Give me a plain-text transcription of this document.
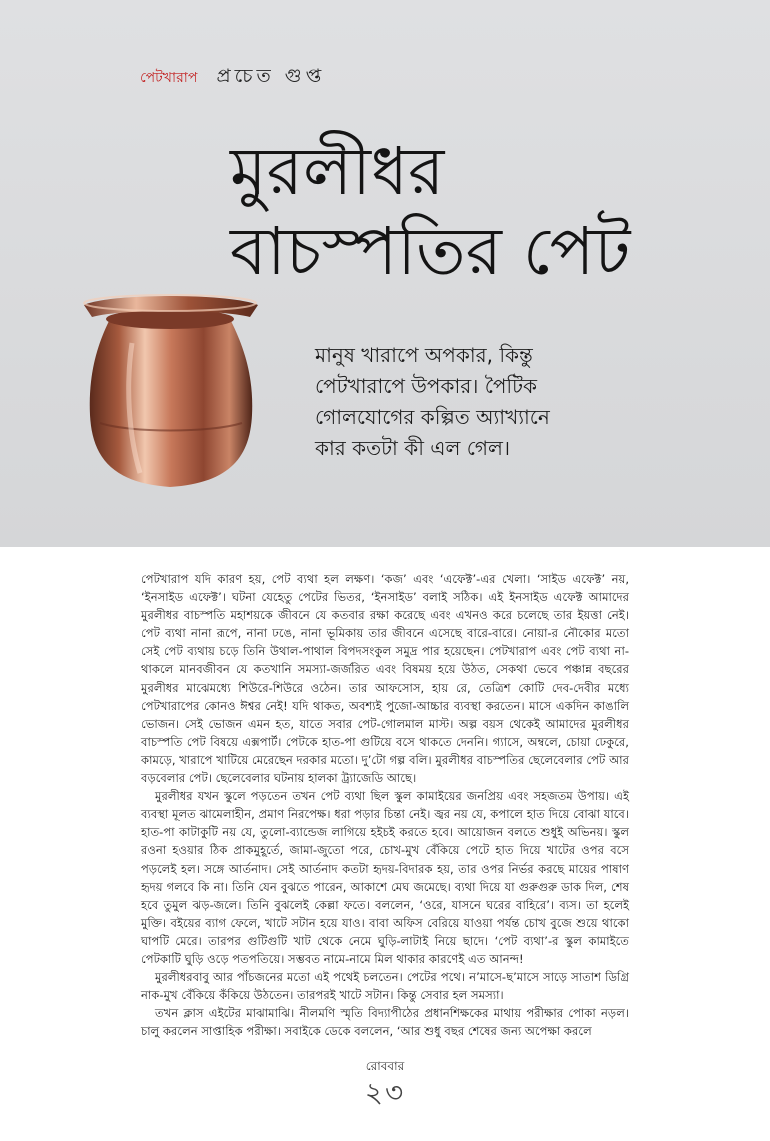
পেটখারাপ প্রচেত গুপ্ত
মুরলীধর
বাচস্পতির পেট

মানুষ খারাপে অপকার, কিন্তু
পেটখারাপে উপকার। পৈটিক
গোলযোগের কল্পিত অ্যাখ্যানে
কার কতটা কী এল গেল।

পেটখারাপ যদি কারণ হয়, পেট ব্যথা হল লক্ষণ। ‘কজ’ এবং ‘এফেক্ট’-এর খেলা। ‘সাইড এফেক্ট’ নয়, ‘ইনসাইড এফেক্ট’। ঘটনা যেহেতু পেটের ভিতর, ‘ইনসাইড’ বলাই সঠিক। এই ইনসাইড এফেক্ট আমাদের মুরলীধর বাচস্পতি মহাশয়কে জীবনে যে কতবার রক্ষা করেছে এবং এখনও করে চলেছে তার ইয়ত্তা নেই। পেট ব্যথা নানা রূপে, নানা ঢঙে, নানা ভূমিকায় তার জীবনে এসেছে বারে-বারে। নোয়া-র নৌকোর মতো সেই পেট ব্যথায় চড়ে তিনি উথাল-পাথাল বিপদসংকুল সমুদ্র পার হয়েছেন। পেটখারাপ এবং পেট ব্যথা না-থাকলে মানবজীবন যে কতখানি সমস্যা-জর্জরিত এবং বিষময় হয়ে উঠত, সেকথা ভেবে পঞ্চান্ন বছরের মুরলীধর মাঝেমধ্যে শিউরে-শিউরে ওঠেন। তার আফসোস, হায় রে, তেত্রিশ কোটি দেব-দেবীর মধ্যে পেটখারাপের কোনও ঈশ্বর নেই! যদি থাকত, অবশ্যই পুজো-আচ্চার ব্যবস্থা করতেন। মাসে একদিন কাঙালি ভোজন। সেই ভোজন এমন হত, যাতে সবার পেট-গোলমাল মাস্ট। অল্প বয়স থেকেই আমাদের মুরলীধর বাচস্পতি পেট বিষয়ে এক্সপার্ট। পেটকে হাত-পা গুটিয়ে বসে থাকতে দেননি। গ্যাসে, অম্বলে, চোয়া ঢেকুরে, কামড়ে, খারাপে খাটিয়ে মেরেছেন দরকার মতো। দু’টো গল্প বলি। মুরলীধর বাচস্পতির ছেলেবেলার পেট আর বড়বেলার পেট। ছেলেবেলার ঘটনায় হালকা ট্র্যাজেডি আছে।

মুরলীধর যখন স্কুলে পড়তেন তখন পেট ব্যথা ছিল স্কুল কামাইয়ের জনপ্রিয় এবং সহজতম উপায়। এই ব্যবস্থা মূলত ঝামেলাহীন, প্রমাণ নিরপেক্ষ। ধরা পড়ার চিন্তা নেই। জ্বর নয় যে, কপালে হাত দিয়ে বোঝা যাবে। হাত-পা কাটাকুটি নয় যে, তুলো-ব্যান্ডেজ লাগিয়ে হইচই করতে হবে। আয়োজন বলতে শুধুই অভিনয়। স্কুল রওনা হওয়ার ঠিক প্রাকমুহূর্তে, জামা-জুতো পরে, চোখ-মুখ বেঁকিয়ে পেটে হাত দিয়ে খাটের ওপর বসে পড়লেই হল। সঙ্গে আর্তনাদ। সেই আর্তনাদ কতটা হৃদয়-বিদারক হয়, তার ওপর নির্ভর করছে মায়ের পাষাণ হৃদয় গলবে কি না। তিনি যেন বুঝতে পারেন, আকাশে মেঘ জমেছে। ব্যথা দিয়ে যা গুরুগুরু ডাক দিল, শেষ হবে তুমুল ঝড়-জলে। তিনি বুঝলেই কেল্লা ফতে। বললেন, ‘ওরে, যাসনে ঘরের বাহিরে’। ব্যস। তা হলেই মুক্তি। বইয়ের ব্যাগ ফেলে, খাটে সটান হয়ে যাও। বাবা অফিস বেরিয়ে যাওয়া পর্যন্ত চোখ বুজে শুয়ে থাকো ঘাপটি মেরে। তারপর গুটিগুটি খাট থেকে নেমে ঘুড়ি-লাটাই নিয়ে ছাদে। ‘পেট ব্যথা’-র স্কুল কামাইতে পেটকাটি ঘুড়ি ওড়ে পতপতিয়ে। সম্ভবত নামে-নামে মিল থাকার কারণেই এত আনন্দ!

মুরলীধরবাবু আর পাঁচজনের মতো এই পথেই চলতেন। পেটের পথে। ন’মাসে-ছ’মাসে সাড়ে সাতাশ ডিগ্রি নাক-মুখ বেঁকিয়ে কঁকিয়ে উঠতেন। তারপরই খাটে সটান। কিন্তু সেবার হল সমস্যা।

তখন ক্লাস এইটের মাঝামাঝি। নীলমণি স্মৃতি বিদ্যাপীঠের প্রধানশিক্ষকের মাথায় পরীক্ষার পোকা নড়ল। চালু করলেন সাপ্তাহিক পরীক্ষা। সবাইকে ডেকে বললেন, ‘আর শুধু বছর শেষের জন্য অপেক্ষা করলে

রোববার
২৩
